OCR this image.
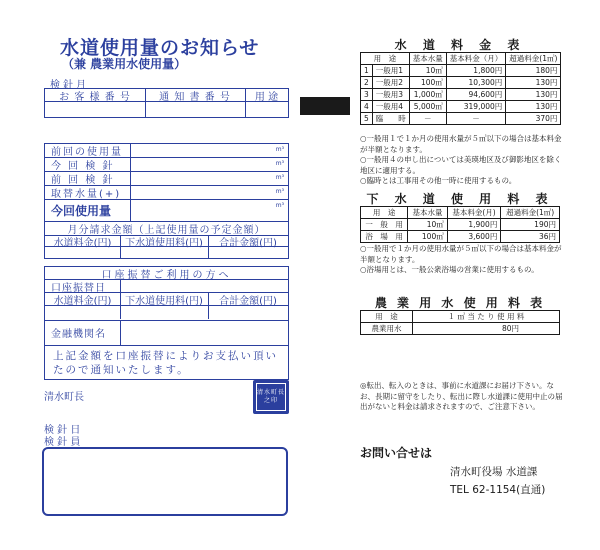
水道使用量のお知らせ
（兼 農業用水使用量）
検針月
お 客 様 番 号	通 知 書 番 号	用 途
前回の使用量	m³
今 回 検 針	m³
前 回 検 針	m³
取替水量(+)	m³
今回使用量	m³
月分請求金額（上記使用量の予定金額）
水道料金(円)	下水道使用料(円)	合計金額(円)
口座振替ご利用の方へ
口座振替日
水道料金(円)	下水道使用料(円)	合計金額(円)
金融機関名
上記金額を口座振替によりお支払い頂いたので通知いたします。
清水町長	清水町長之印
検 針 日
検 針 員
水 道 料 金 表
用　途		基本水量	基本料金（月）	超過料金(1㎥)
1	一般用1	10㎥	1,800円	180円
2	一般用2	100㎥	10,300円	130円
3	一般用3	1,000㎥	94,600円	130円
4	一般用4	5,000㎥	319,000円	130円
5	臨　　時	－	－	370円
○一般用１で１か月の使用水量が５㎥以下の場合は基本料金が半額となります。
○一般用４の申し出については美瑛地区及び御影地区を除く地区に適用する。
○臨時とは工事用その他一時に使用するもの。
下 水 道 使 用 料 表
用　途	基本水量	基本料金(月)	超過料金(1㎥)
一　般　用	10㎥	1,900円	190円
浴　場　用	100㎥	3,600円	36円
○一般用で１か月の使用水量が５㎥以下の場合は基本料金が半額となります。
○浴場用とは、一般公衆浴場の営業に使用するもの。
農 業 用 水 使 用 料 表
用　途	１ ㎥ 当 た り 使 用 料
農業用水	80円
◎転出、転入のときは、事前に水道課にお届け下さい。なお、長期に留守をしたり、転出に際し水道課に使用中止の届出がないと料金は請求されますので、ご注意下さい。
お問い合せは
清水町役場 水道課
TEL 62-1154(直通)
